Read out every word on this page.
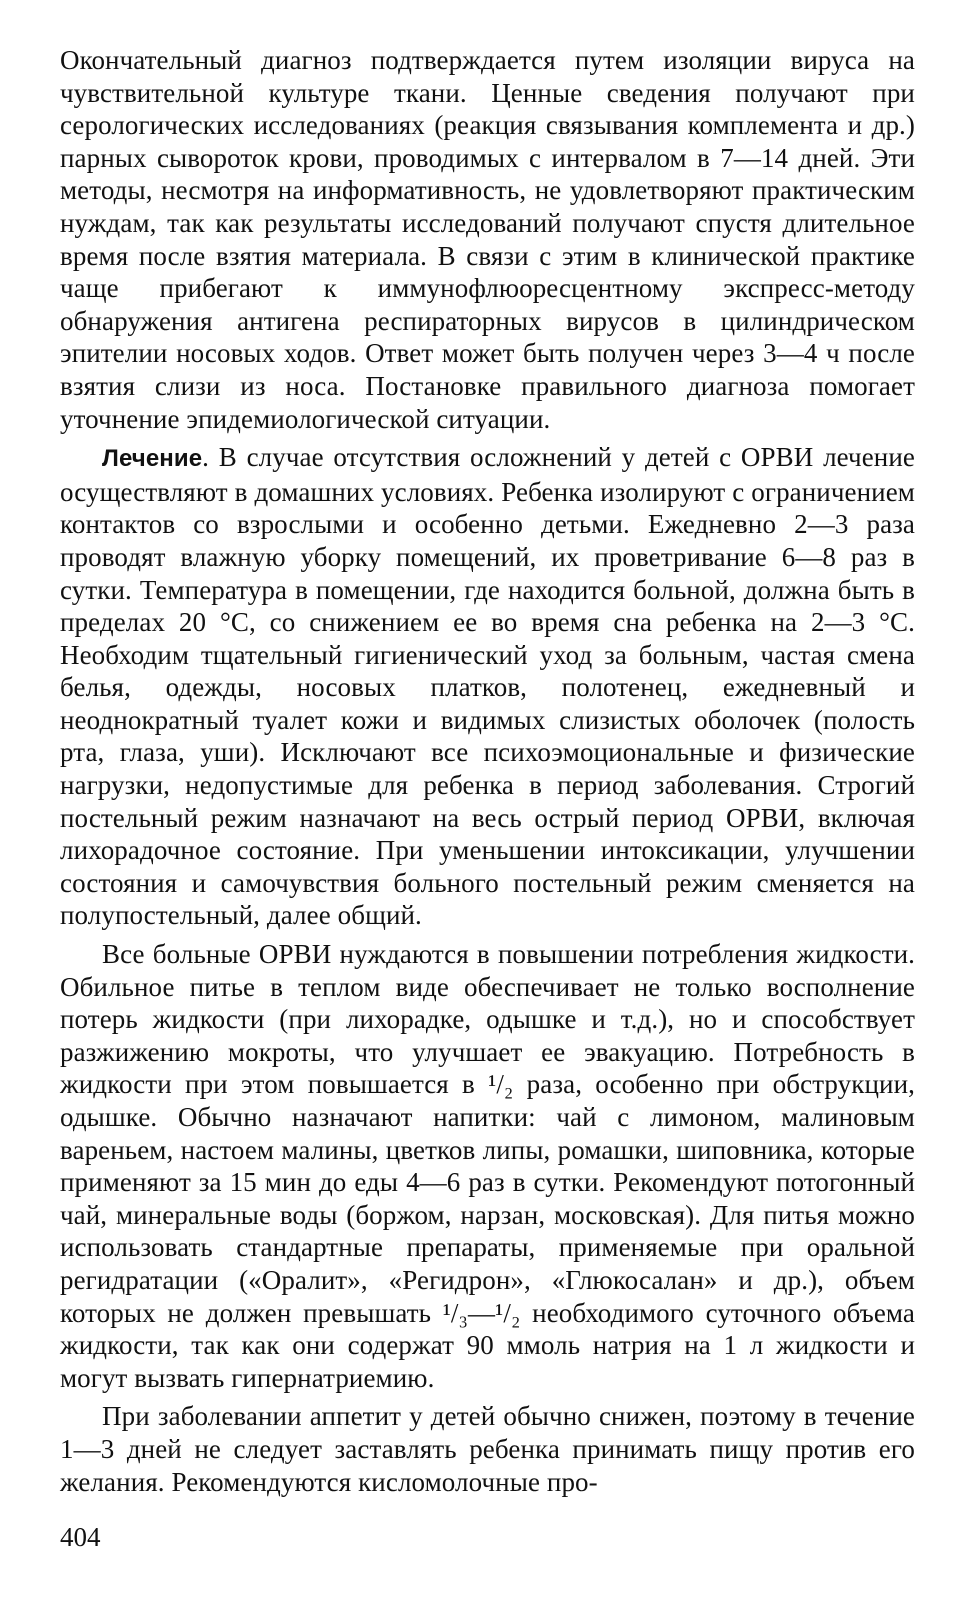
Окончательный диагноз подтверждается путем изоляции вируса на чувствительной культуре ткани. Ценные сведения получают при серологических исследованиях (реакция связывания комплемента и др.) парных сывороток крови, проводимых с интервалом в 7—14 дней. Эти методы, несмотря на информативность, не удовлетворяют практическим нуждам, так как результаты исследований получают спустя длительное время после взятия материала. В связи с этим в клинической практике чаще прибегают к иммунофлюоресцентному экспресс-методу обнаружения антигена респираторных вирусов в цилиндрическом эпителии носовых ходов. Ответ может быть получен через 3—4 ч после взятия слизи из носа. Постановке правильного диагноза помогает уточнение эпидемиологической ситуации.

Лечение. В случае отсутствия осложнений у детей с ОРВИ лечение осуществляют в домашних условиях. Ребенка изолируют с ограничением контактов со взрослыми и особенно детьми. Ежедневно 2—3 раза проводят влажную уборку помещений, их проветривание 6—8 раз в сутки. Температура в помещении, где находится больной, должна быть в пределах 20 °С, со снижением ее во время сна ребенка на 2—3 °С. Необходим тщательный гигиенический уход за больным, частая смена белья, одежды, носовых платков, полотенец, ежедневный и неоднократный туалет кожи и видимых слизистых оболочек (полость рта, глаза, уши). Исключают все психоэмоциональные и физические нагрузки, недопустимые для ребенка в период заболевания. Строгий постельный режим назначают на весь острый период ОРВИ, включая лихорадочное состояние. При уменьшении интоксикации, улучшении состояния и самочувствия больного постельный режим сменяется на полупостельный, далее общий.

Все больные ОРВИ нуждаются в повышении потребления жидкости. Обильное питье в теплом виде обеспечивает не только восполнение потерь жидкости (при лихорадке, одышке и т.д.), но и способствует разжижению мокроты, что улучшает ее эвакуацию. Потребность в жидкости при этом повышается в ¹/₂ раза, особенно при обструкции, одышке. Обычно назначают напитки: чай с лимоном, малиновым вареньем, настоем малины, цветков липы, ромашки, шиповника, которые применяют за 15 мин до еды 4—6 раз в сутки. Рекомендуют потогонный чай, минеральные воды (боржом, нарзан, московская). Для питья можно использовать стандартные препараты, применяемые при оральной регидратации («Оралит», «Регидрон», «Глюкосалан» и др.), объем которых не должен превышать ¹/₃—¹/₂ необходимого суточного объема жидкости, так как они содержат 90 ммоль натрия на 1 л жидкости и могут вызвать гипернатриемию.

При заболевании аппетит у детей обычно снижен, поэтому в течение 1—3 дней не следует заставлять ребенка принимать пищу против его желания. Рекомендуются кисломолочные про-

404
